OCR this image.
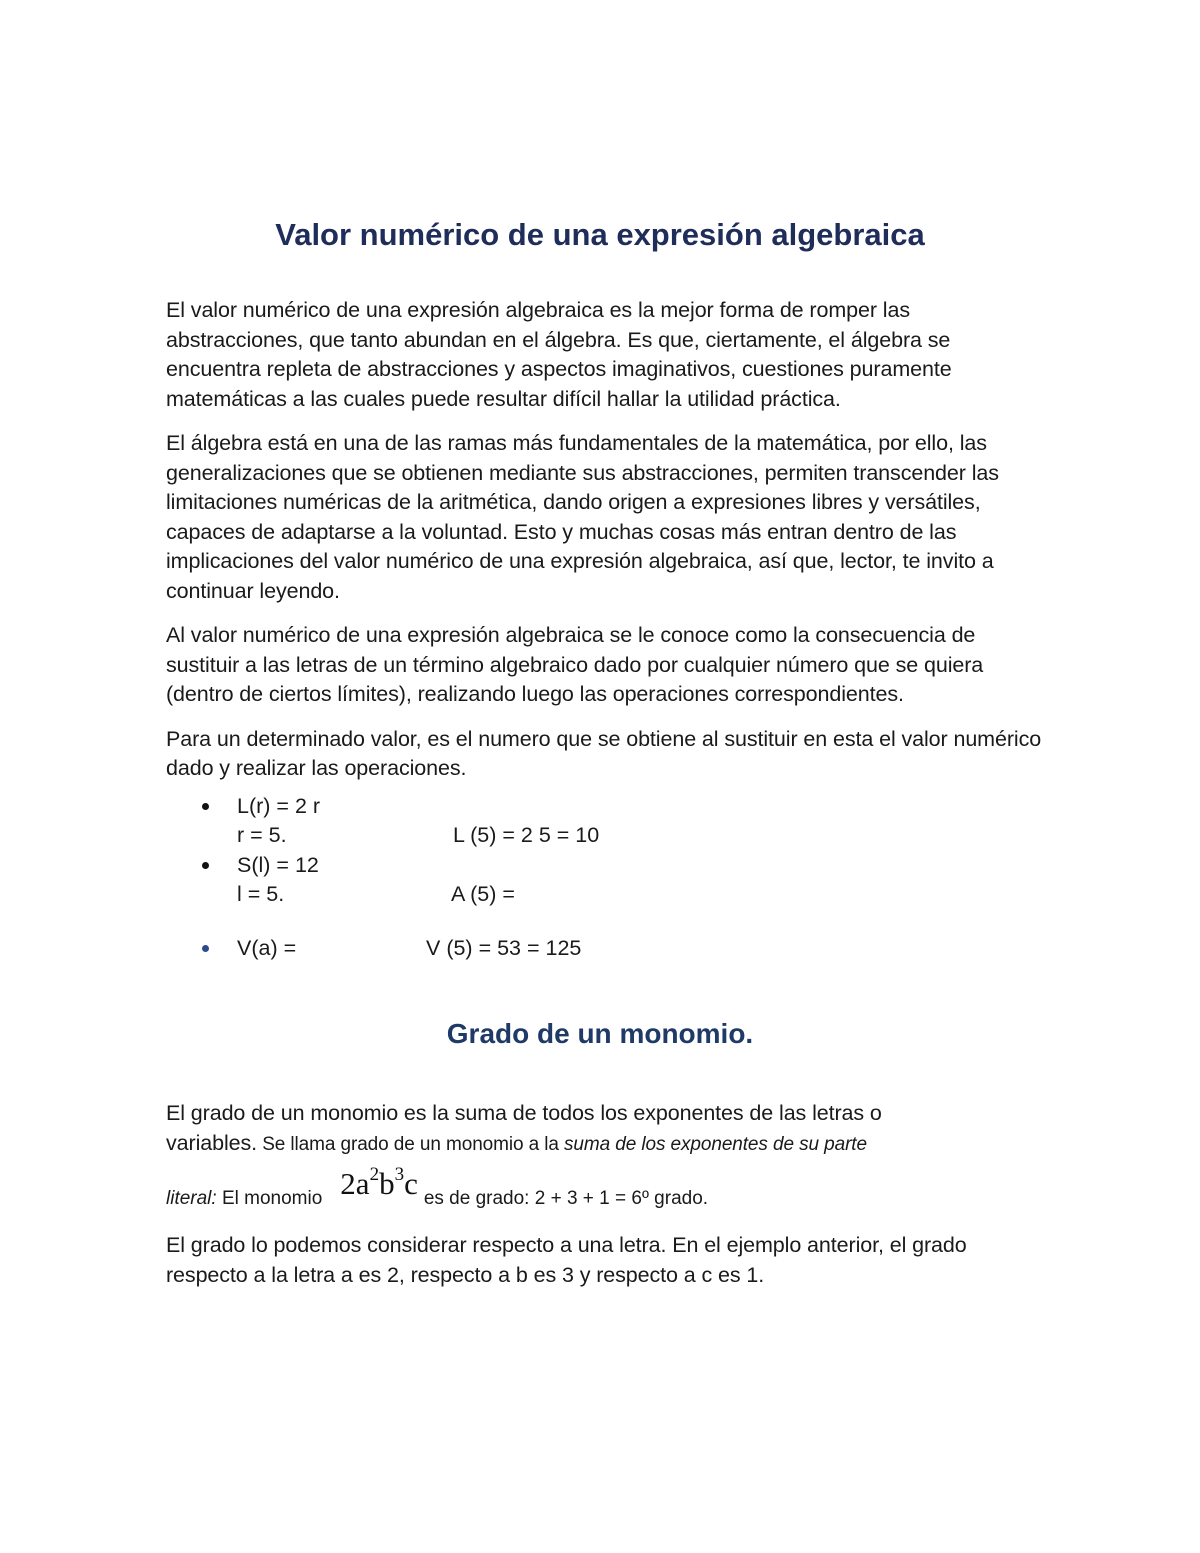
Valor numérico de una expresión algebraica

El valor numérico de una expresión algebraica es la mejor forma de romper las abstracciones, que tanto abundan en el álgebra. Es que, ciertamente, el álgebra se encuentra repleta de abstracciones y aspectos imaginativos, cuestiones puramente matemáticas a las cuales puede resultar difícil hallar la utilidad práctica.

El álgebra está en una de las ramas más fundamentales de la matemática, por ello, las generalizaciones que se obtienen mediante sus abstracciones, permiten transcender las limitaciones numéricas de la aritmética, dando origen a expresiones libres y versátiles, capaces de adaptarse a la voluntad. Esto y muchas cosas más entran dentro de las implicaciones del valor numérico de una expresión algebraica, así que, lector, te invito a continuar leyendo.

Al valor numérico de una expresión algebraica se le conoce como la consecuencia de sustituir a las letras de un término algebraico dado por cualquier número que se quiera (dentro de ciertos límites), realizando luego las operaciones correspondientes.

Para un determinado valor, es el numero que se obtiene al sustituir en esta el valor numérico dado y realizar las operaciones.

L(r) = 2 r
r = 5.	L (5) = 2 5 = 10
S(l) = 12
l = 5.	A (5) =
V(a) =	V (5) = 53 = 125
Grado de un monomio.

El grado de un monomio es la suma de todos los exponentes de las letras o
variables. Se llama grado de un monomio a la suma de los exponentes de su parte

literal: El monomio $2a^2b^3c$ es de grado: 2 + 3 + 1 = 6º grado.

El grado lo podemos considerar respecto a una letra. En el ejemplo anterior, el grado respecto a la letra a es 2, respecto a b es 3 y respecto a c es 1.
